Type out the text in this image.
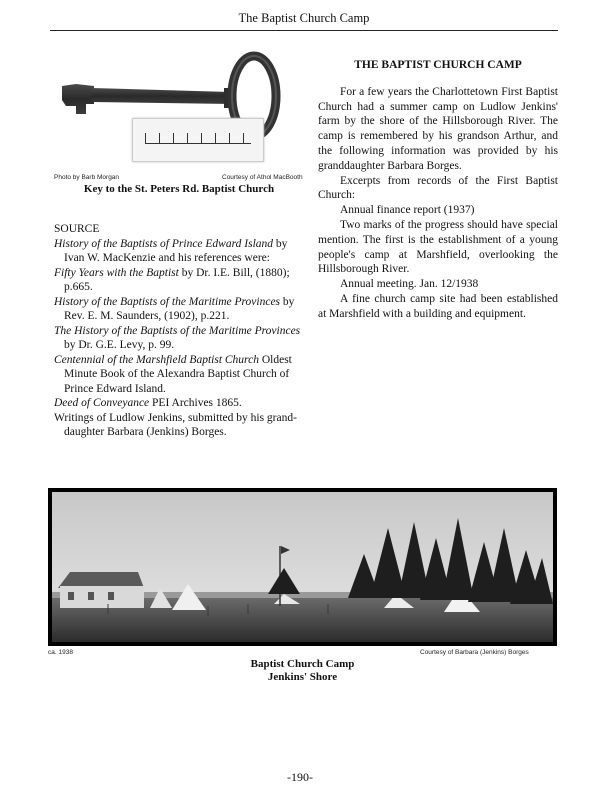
The Baptist Church Camp
Photo by Barb Morgan	Courtesy of Athol MacBooth
Key to the St. Peters Rd. Baptist Church
SOURCE

History of the Baptists of Prince Edward Island by Ivan W. MacKenzie and his references were:

Fifty Years with the Baptist by Dr. I.E. Bill, (1880); p.665.

History of the Baptists of the Maritime Provinces by Rev. E. M. Saunders, (1902), p.221.

The History of the Baptists of the Maritime Provinces by Dr. G.E. Levy, p. 99.

Centennial of the Marshfield Baptist Church Oldest Minute Book of the Alexandra Baptist Church of Prince Edward Island.

Deed of Conveyance PEI Archives 1865.

Writings of Ludlow Jenkins, submitted by his grand-daughter Barbara (Jenkins) Borges.

THE BAPTIST CHURCH CAMP

For a few years the Charlottetown First Baptist Church had a summer camp on Ludlow Jenkins' farm by the shore of the Hillsborough River. The camp is remembered by his grandson Arthur, and the following information was provided by his granddaughter Barbara Borges.

Excerpts from records of the First Baptist Church:

Annual finance report (1937)

Two marks of the progress should have special mention. The first is the establishment of a young people's camp at Marshfield, overlooking the Hillsborough River.

Annual meeting. Jan. 12/1938

A fine church camp site had been established at Marshfield with a building and equipment.

ca. 1938	Courtesy of Barbara (Jenkins) Borges
Baptist Church Camp
Jenkins' Shore
-190-
